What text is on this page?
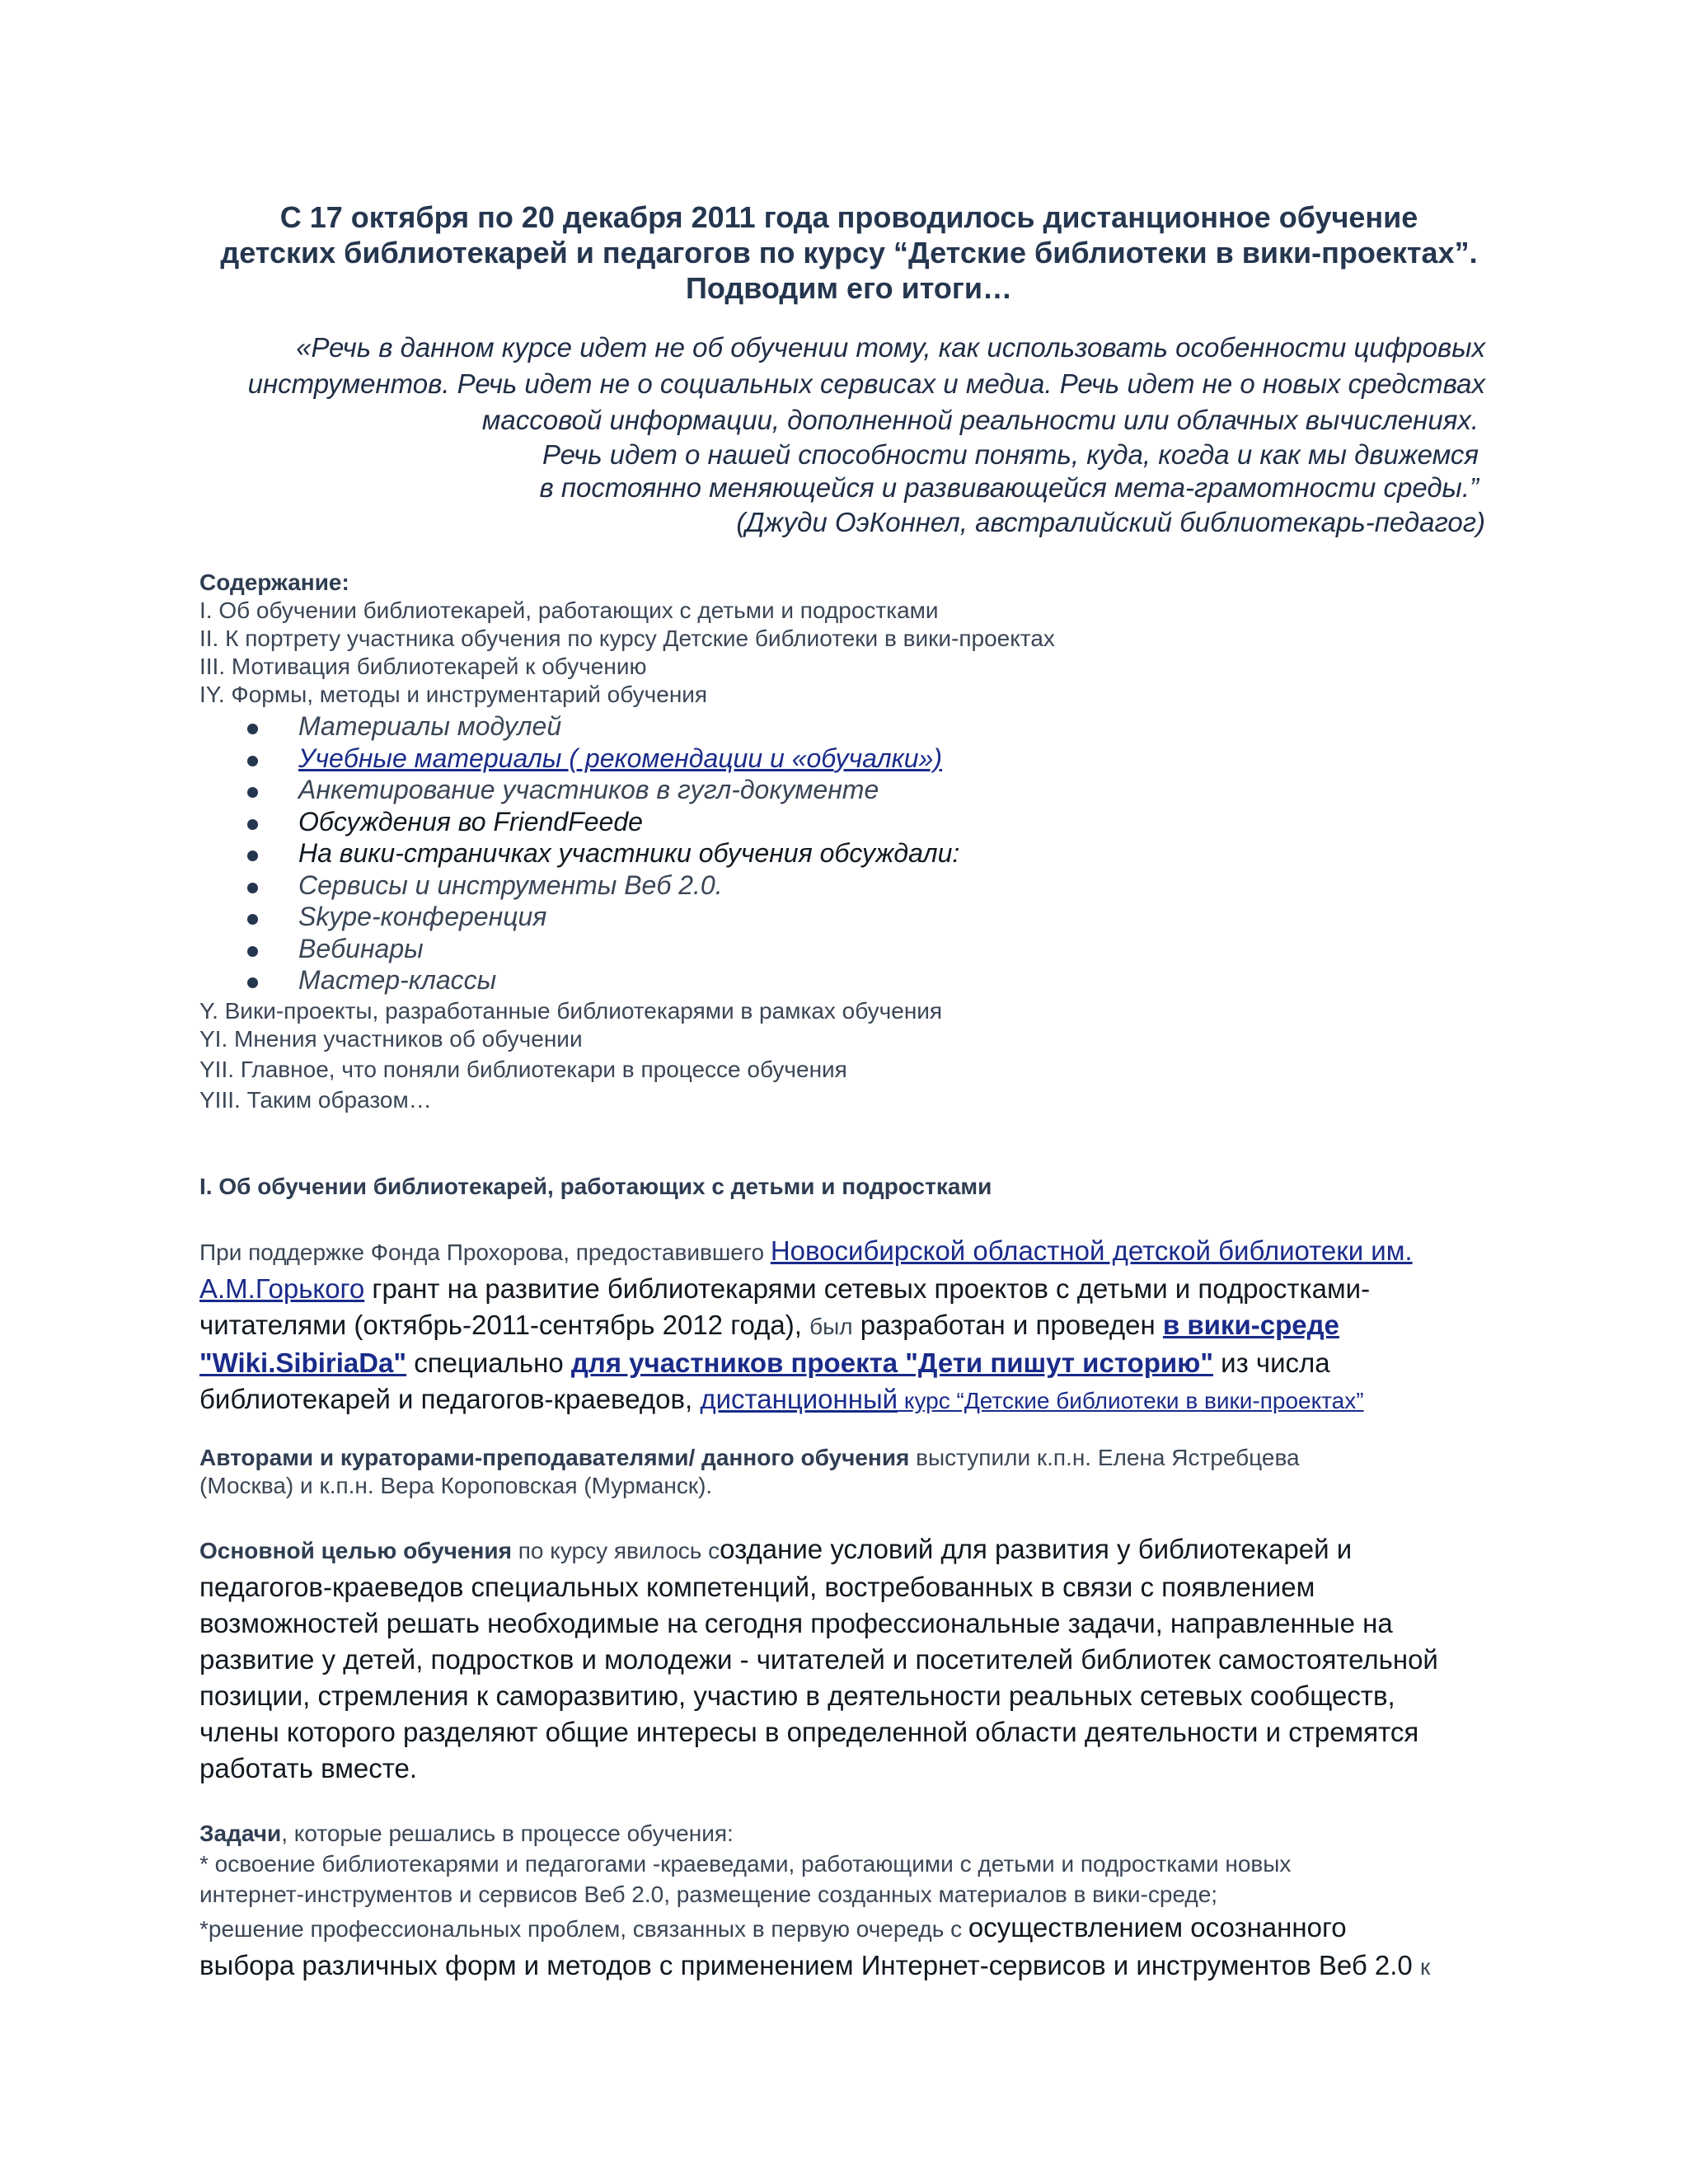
С 17 октября по 20 декабря 2011 года проводилось дистанционное обучение
детских библиотекарей и педагогов по курсу “Детские библиотеки в вики-проектах”.
Подводим его итоги…
«Речь в данном курсе идет не об обучении тому, как использовать особенности цифровых
инструментов. Речь идет не о социальных сервисах и медиа. Речь идет не о новых средствах
массовой информации, дополненной реальности или облачных вычислениях.
Речь идет о нашей способности понять, куда, когда и как мы движемся
в постоянно меняющейся и развивающейся мета-грамотности среды.”
(Джуди ОэКоннел, австралийский библиотекарь-педагог)
Содержание:
I. Об обучении библиотекарей, работающих с детьми и подростками
II. К портрету участника обучения по курсу Детские библиотеки в вики-проектах
III. Мотивация библиотекарей к обучению
IY. Формы, методы и инструментарий обучения
Материалы модулей
Учебные материалы ( рекомендации и «обучалки»)
Анкетирование участников в гугл-документе
Обсуждения во FriendFeede
На вики-страничках участники обучения обсуждали:
Сервисы и инструменты Веб 2.0.
Skype-конференция
Вебинары
Мастер-классы
Y. Вики-проекты, разработанные библиотекарями в рамках обучения
YI. Мнения участников об обучении
YII. Главное, что поняли библиотекари в процессе обучения
YIII. Таким образом…
I. Об обучении библиотекарей, работающих с детьми и подростками
При поддержке Фонда Прохорова, предоставившего Новосибирской областной детской библиотеки им.
А.М.Горького грант на развитие библиотекарями сетевых проектов с детьми и подростками-
читателями (октябрь-2011-сентябрь 2012 года), был разработан и проведен в вики-среде
"Wiki.SibiriaDa" специально для участников проекта "Дети пишут историю" из числа
библиотекарей и педагогов-краеведов, дистанционный курс “Детские библиотеки в вики-проектах”
Авторами и кураторами-преподавателями/ данного обучения выступили к.п.н. Елена Ястребцева
(Москва) и к.п.н. Вера Короповская (Мурманск).
Основной целью обучения по курсу явилось создание условий для развития у библиотекарей и
педагогов-краеведов специальных компетенций, востребованных в связи с появлением
возможностей решать необходимые на сегодня профессиональные задачи, направленные на
развитие у детей, подростков и молодежи - читателей и посетителей библиотек самостоятельной
позиции, стремления к саморазвитию, участию в деятельности реальных сетевых сообществ,
члены которого разделяют общие интересы в определенной области деятельности и стремятся
работать вместе.
Задачи, которые решались в процессе обучения:
* освоение библиотекарями и педагогами -краеведами, работающими с детьми и подростками новых
интернет-инструментов и сервисов Веб 2.0, размещение созданных материалов в вики-среде;
*решение профессиональных проблем, связанных в первую очередь с осуществлением осознанного
выбора различных форм и методов с применением Интернет-сервисов и инструментов Веб 2.0 к
